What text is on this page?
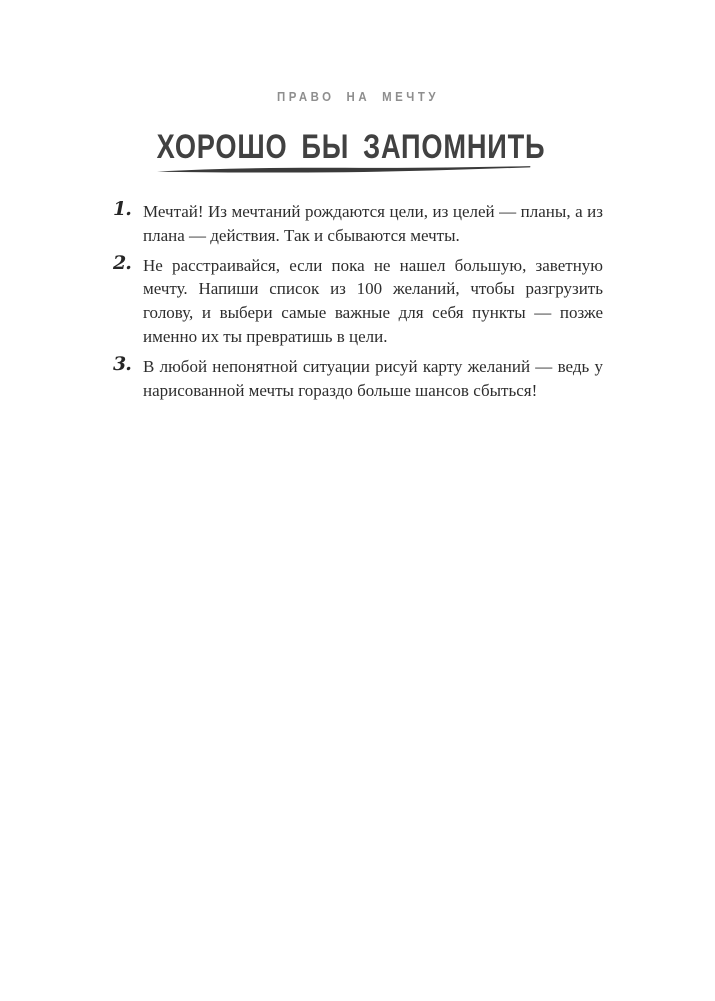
ПРАВО НА МЕЧТУ
ХОРОШО БЫ ЗАПОМНИТЬ
1. Мечтай! Из мечтаний рождаются цели, из целей — планы, а из плана — действия. Так и сбываются мечты.
2. Не расстраивайся, если пока не нашел большую, заветную мечту. Напиши список из 100 желаний, чтобы разгрузить голову, и выбери самые важные для себя пункты — позже именно их ты превратишь в цели.
3. В любой непонятной ситуации рисуй карту желаний — ведь у нарисованной мечты гораздо больше шансов сбыться!
